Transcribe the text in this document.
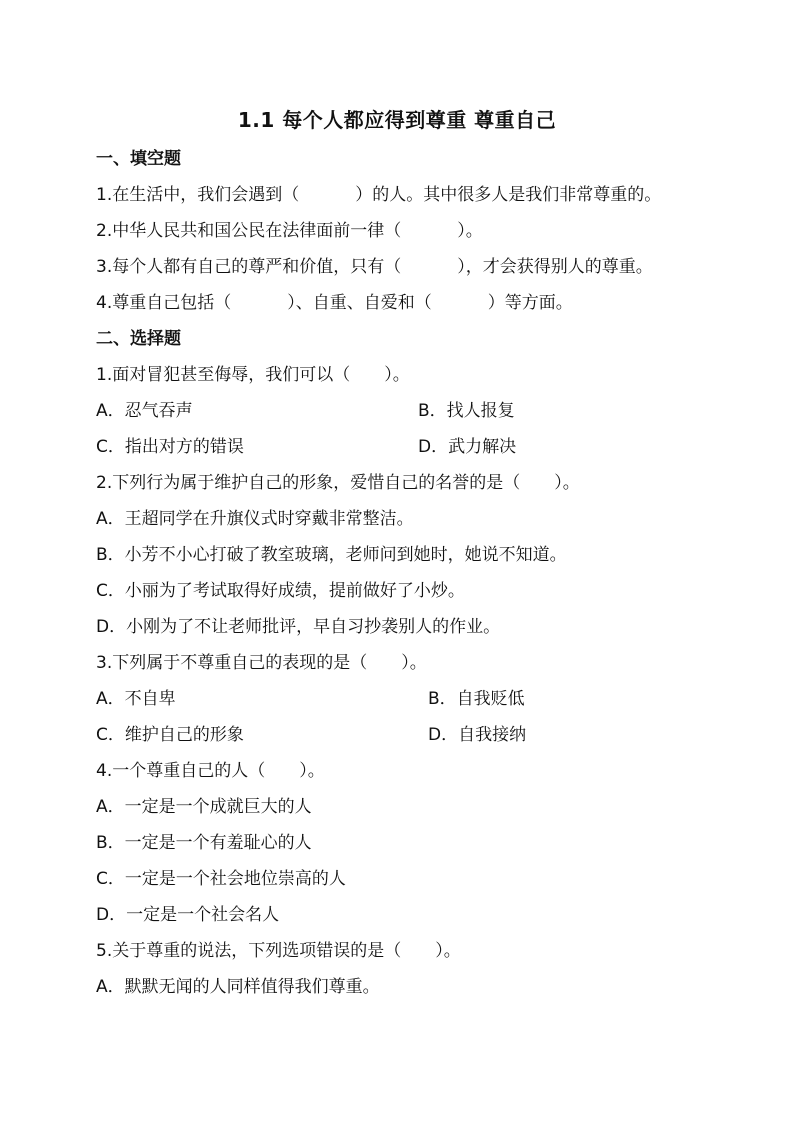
1.1 每个人都应得到尊重 尊重自己
一、填空题
1.在生活中，我们会遇到（	）的人。其中很多人是我们非常尊重的。
2.中华人民共和国公民在法律面前一律（	）。
3.每个人都有自己的尊严和价值，只有（	），才会获得别人的尊重。
4.尊重自己包括（	）、自重、自爱和（	）等方面。
二、选择题
1.面对冒犯甚至侮辱，我们可以（　　）。
A．忍气吞声	B．找人报复
C．指出对方的错误	D．武力解决
2.下列行为属于维护自己的形象，爱惜自己的名誉的是（　　）。
A．王超同学在升旗仪式时穿戴非常整洁。
B．小芳不小心打破了教室玻璃，老师问到她时，她说不知道。
C．小丽为了考试取得好成绩，提前做好了小炒。
D．小刚为了不让老师批评，早自习抄袭别人的作业。
3.下列属于不尊重自己的表现的是（　　）。
A．不自卑	B．自我贬低
C．维护自己的形象	D．自我接纳
4.一个尊重自己的人（　　）。
A．一定是一个成就巨大的人
B．一定是一个有羞耻心的人
C．一定是一个社会地位崇高的人
D．一定是一个社会名人
5.关于尊重的说法，下列选项错误的是（　　）。
A．默默无闻的人同样值得我们尊重。
